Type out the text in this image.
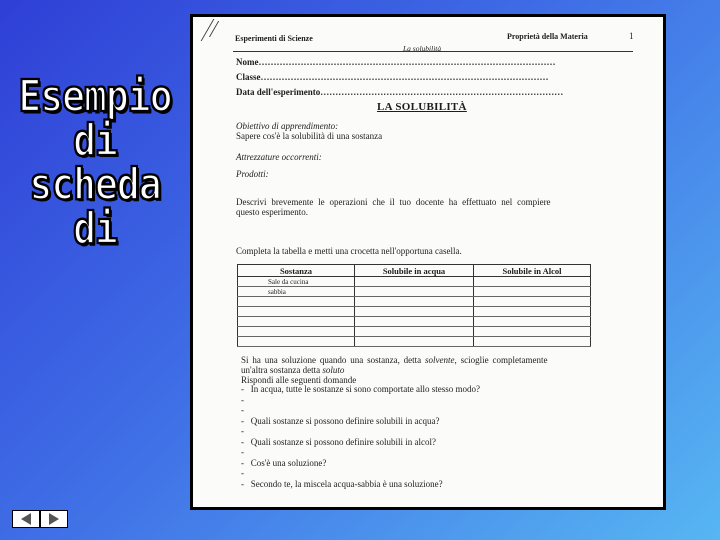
Esempio
di
scheda
di
Esperimenti di Scienze	Proprietà della Materia	1
La solubilità
Nome………………………………………………………………………………………
Classe……………………………………………………………………………………
Data dell'esperimento………………………………………………………………………
LA SOLUBILITÀ
Obiettivo di apprendimento:
Sapere cos'è la solubilità di una sostanza
Attrezzature occorrenti:
Prodotti:
Descrivi brevemente le operazioni che il tuo docente ha effettuato nel compiere
questo esperimento.
Completa la tabella e metti una crocetta nell'opportuna casella.
Sostanza	Solubile in acqua	Solubile in Alcol
Sale da cucina		
sabbia		

Si ha una soluzione quando una sostanza, detta solvente, scioglie completamente
un'altra sostanza detta soluto
Rispondi alle seguenti domande
-   In acqua, tutte le sostanze si sono comportate allo stesso modo?
-
-
-   Quali sostanze si possono definire solubili in acqua?
-
-   Quali sostanze si possono definire solubili in alcol?
-
-   Cos'è una soluzione?
-
-   Secondo te, la miscela acqua-sabbia è una soluzione?
